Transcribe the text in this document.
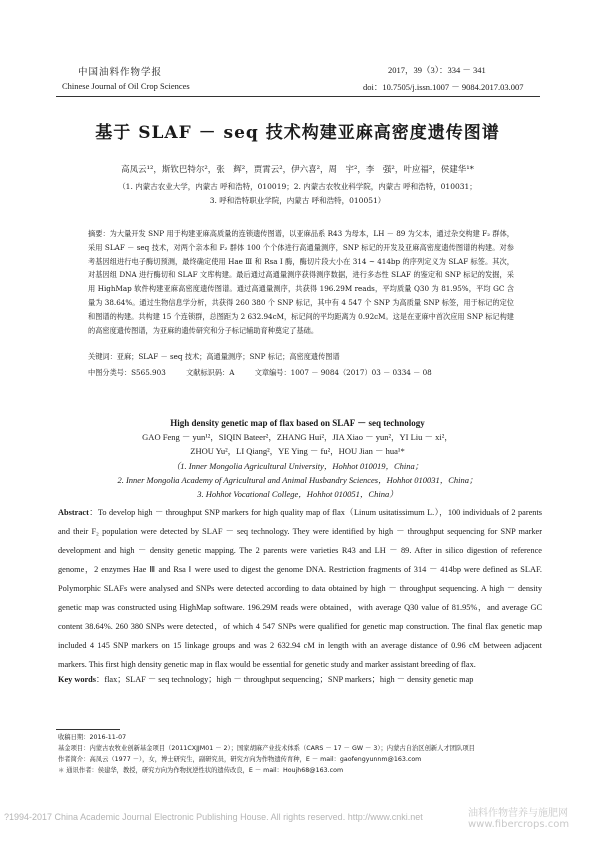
中国油料作物学报
Chinese Journal of Oil Crop Sciences
2017，39（3）：334 － 341
doi：10.7505/j.issn.1007 － 9084.2017.03.007
基于 SLAF － seq 技术构建亚麻高密度遗传图谱
高凤云¹²，斯钦巴特尔²，张　辉²，贾霄云²，伊六喜²，周　宇²，李　强²，叶应福²，侯建华¹*
（1. 内蒙古农业大学，内蒙古 呼和浩特，010019；2. 内蒙古农牧业科学院，内蒙古 呼和浩特，010031；
3. 呼和浩特职业学院，内蒙古 呼和浩特，010051）
摘要：为大量开发 SNP 用于构建亚麻高质量的连锁遗传图谱，以亚麻品系 R43 为母本，LH － 89 为父本，通过杂交构建 F₂ 群体，采用 SLAF － seq 技术，对两个亲本和 F₂ 群体 100 个个体进行高通量测序，SNP 标记的开发及亚麻高密度遗传图谱的构建。对参考基因组进行电子酶切预测，最终确定使用 Hae Ⅲ 和 Rsa Ⅰ 酶，酶切片段大小在 314 ~ 414bp 的序列定义为 SLAF 标签。其次，对基因组 DNA 进行酶切和 SLAF 文库构建。最后通过高通量测序获得测序数据，进行多态性 SLAF 的鉴定和 SNP 标记的发掘，采用 HighMap 软件构建亚麻高密度遗传图谱。通过高通量测序，共获得 196.29M reads，平均质量 Q30 为 81.95%，平均 GC 含量为 38.64%。通过生物信息学分析，共获得 260 380 个 SNP 标记，其中有 4 547 个 SNP 为高质量 SNP 标签，用于标记的定位和图谱的构建。共构建 15 个连锁群，总图距为 2 632.94cM，标记间的平均距离为 0.92cM。这是在亚麻中首次应用 SNP 标记构建的高密度遗传图谱，为亚麻的遗传研究和分子标记辅助育种奠定了基础。
关键词：亚麻；SLAF － seq 技术；高通量测序；SNP 标记；高密度遗传图谱
中图分类号：S565.903	文献标识码：A	文章编号：1007 － 9084（2017）03 － 0334 － 08
High density genetic map of flax based on SLAF － seq technology
GAO Feng － yun¹²，SIQIN Bateer²，ZHANG Hui²，JIA Xiao － yun²，YI Liu － xi²，
ZHOU Yu²，LI Qiang²，YE Ying － fu²，HOU Jian － hua¹*
（1. Inner Mongolia Agricultural University，Hohhot 010019，China；
2. Inner Mongolia Academy of Agricultural and Animal Husbandry Sciences，Hohhot 010031，China；
3. Hohhot Vocational College，Hohhot 010051，China）
Abstract：To develop high － throughput SNP markers for high quality map of flax（Linum usitatissimum L.），100 individuals of 2 parents and their F₂ population were detected by SLAF － seq technology. They were identified by high － throughput sequencing for SNP marker development and high － density genetic mapping. The 2 parents were varieties R43 and LH － 89. After in silico digestion of reference genome，2 enzymes Hae Ⅲ and Rsa Ⅰ were used to digest the genome DNA. Restriction fragments of 314 － 414bp were defined as SLAF. Polymorphic SLAFs were analysed and SNPs were detected according to data obtained by high － throughput sequencing. A high － density genetic map was constructed using HighMap software. 196.29M reads were obtained，with average Q30 value of 81.95%，and average GC content 38.64%. 260 380 SNPs were detected，of which 4 547 SNPs were qualified for genetic map construction. The final flax genetic map included 4 145 SNP markers on 15 linkage groups and was 2 632.94 cM in length with an average distance of 0.96 cM between adjacent markers. This first high density genetic map in flax would be essential for genetic study and marker assistant breeding of flax.
Key words：flax；SLAF － seq technology；high － throughput sequencing；SNP markers；high － density genetic map
收稿日期：2016-11-07
基金项目：内蒙古农牧业创新基金项目（2011CXJJM01 － 2）；国家胡麻产业技术体系（CARS － 17 － GW － 3）；内蒙古自治区创新人才团队项目
作者简介：高凤云（1977 －），女，博士研究生，副研究员，研究方向为作物遗传育种，E － mail：gaofengyunnm@163.com
＊ 通讯作者：侯建华，教授，研究方向为作物抗逆性状的遗传改良，E － mail：Houjh68@163.com
?1994-2017 China Academic Journal Electronic Publishing House. All rights reserved. http://www.cnki.net	油料作物营养与施肥网
www.fibercrops.com
